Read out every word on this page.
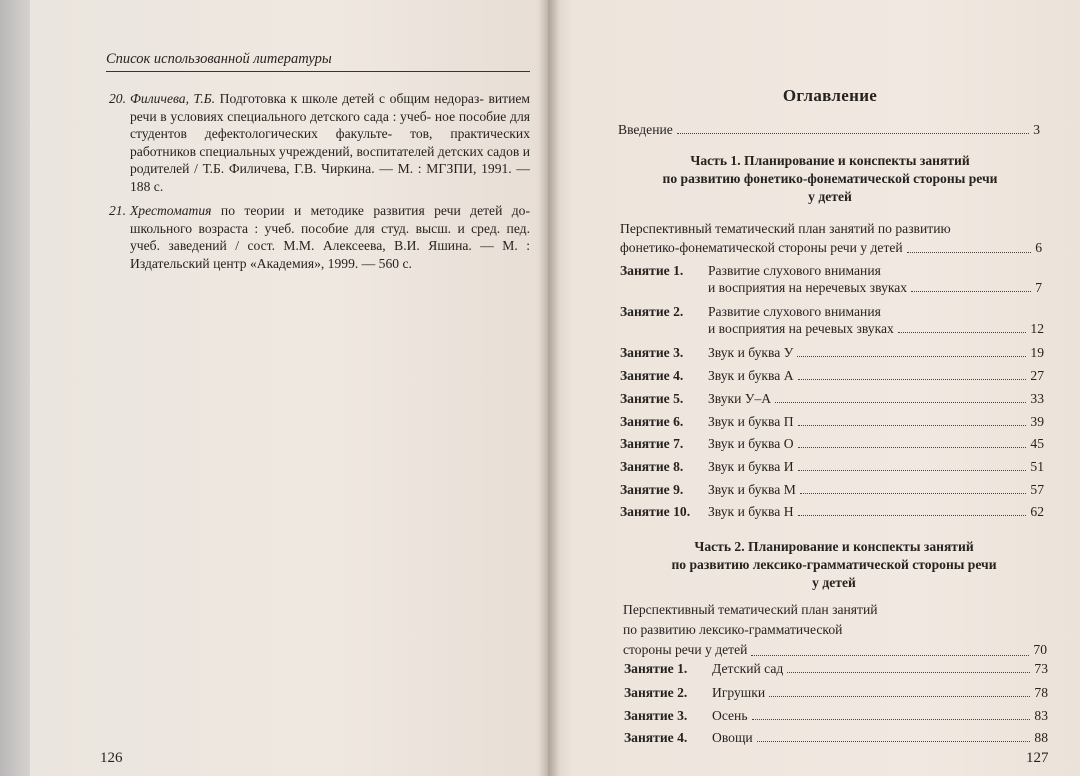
Список использованной литературы
20. Филичева, Т.Б. Подготовка к школе детей с общим недораз- витием речи в условиях специального детского сада : учеб- ное пособие для студентов дефектологических факульте- тов, практических работников специальных учреждений, воспитателей детских садов и родителей / Т.Б. Филичева, Г.В. Чиркина. — М. : МГЗПИ, 1991. — 188 с.
21. Хрестоматия по теории и методике развития речи детей до- школьного возраста : учеб. пособие для студ. высш. и сред. пед. учеб. заведений / сост. М.М. Алексеева, В.И. Яшина. — М. : Издательский центр «Академия», 1999. — 560 с.
126
Оглавление
Введение	3
Часть 1. Планирование и конспекты занятий
по развитию фонетико-фонематической стороны речи
у детей
Перспективный тематический план занятий по развитию
фонетико-фонематической стороны речи у детей	6
Занятие 1.	Развитие слухового внимания
и восприятия на неречевых звуках	7
Занятие 2.	Развитие слухового внимания
и восприятия на речевых звуках	12
Занятие 3.	Звук и буква У	19
Занятие 4.	Звук и буква А	27
Занятие 5.	Звуки У–А	33
Занятие 6.	Звук и буква П	39
Занятие 7.	Звук и буква О	45
Занятие 8.	Звук и буква И	51
Занятие 9.	Звук и буква М	57
Занятие 10.	Звук и буква Н	62
Часть 2. Планирование и конспекты занятий
по развитию лексико-грамматической стороны речи
у детей
Перспективный тематический план занятий
по развитию лексико-грамматической
стороны речи у детей	70
Занятие 1.	Детский сад	73
Занятие 2.	Игрушки	78
Занятие 3.	Осень	83
Занятие 4.	Овощи	88
127
